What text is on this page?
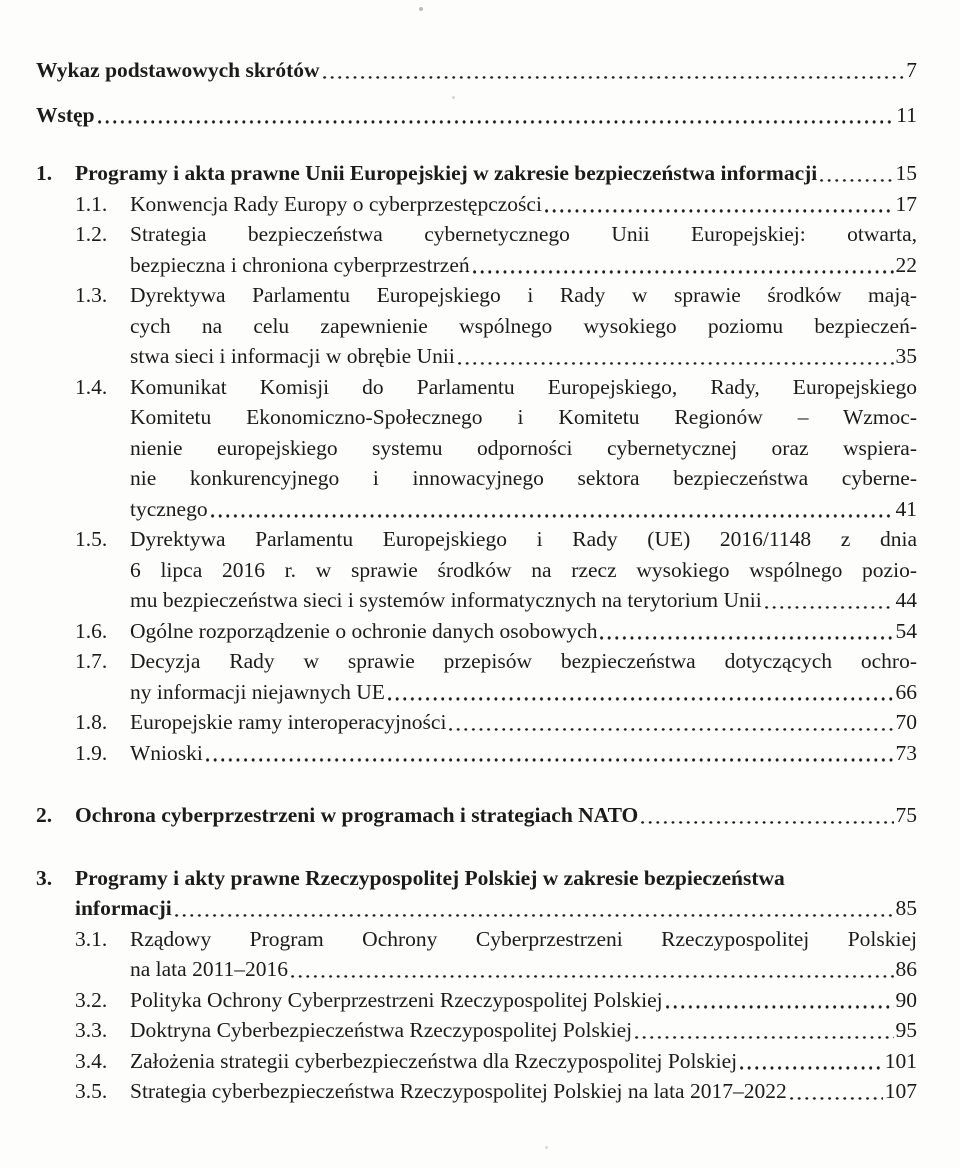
Wykaz podstawowych skrótów	7
Wstęp	11
1.	Programy i akta prawne Unii Europejskiej w zakresie bezpieczeństwa informacji	15
1.1.	Konwencja Rady Europy o cyberprzestępczości	17
1.2.	Strategia bezpieczeństwa cybernetycznego Unii Europejskiej: otwarta,
bezpieczna i chroniona cyberprzestrzeń	22
1.3.	Dyrektywa Parlamentu Europejskiego i Rady w sprawie środków mają-
cych na celu zapewnienie wspólnego wysokiego poziomu bezpieczeń-
stwa sieci i informacji w obrębie Unii	35
1.4.	Komunikat Komisji do Parlamentu Europejskiego, Rady, Europejskiego
Komitetu Ekonomiczno-Społecznego i Komitetu Regionów – Wzmoc-
nienie europejskiego systemu odporności cybernetycznej oraz wspiera-
nie konkurencyjnego i innowacyjnego sektora bezpieczeństwa cyberne-
tycznego	41
1.5.	Dyrektywa Parlamentu Europejskiego i Rady (UE) 2016/1148 z dnia
6 lipca 2016 r. w sprawie środków na rzecz wysokiego wspólnego pozio-
mu bezpieczeństwa sieci i systemów informatycznych na terytorium Unii	44
1.6.	Ogólne rozporządzenie o ochronie danych osobowych	54
1.7.	Decyzja Rady w sprawie przepisów bezpieczeństwa dotyczących ochro-
ny informacji niejawnych UE	66
1.8.	Europejskie ramy interoperacyjności	70
1.9.	Wnioski	73
2.	Ochrona cyberprzestrzeni w programach i strategiach NATO	75
3.	Programy i akty prawne Rzeczypospolitej Polskiej w zakresie bezpieczeństwa
informacji	85
3.1.	Rządowy Program Ochrony Cyberprzestrzeni Rzeczypospolitej Polskiej
na lata 2011–2016	86
3.2.	Polityka Ochrony Cyberprzestrzeni Rzeczypospolitej Polskiej	90
3.3.	Doktryna Cyberbezpieczeństwa Rzeczypospolitej Polskiej	95
3.4.	Założenia strategii cyberbezpieczeństwa dla Rzeczypospolitej Polskiej	101
3.5.	Strategia cyberbezpieczeństwa Rzeczypospolitej Polskiej na lata 2017–2022	107
